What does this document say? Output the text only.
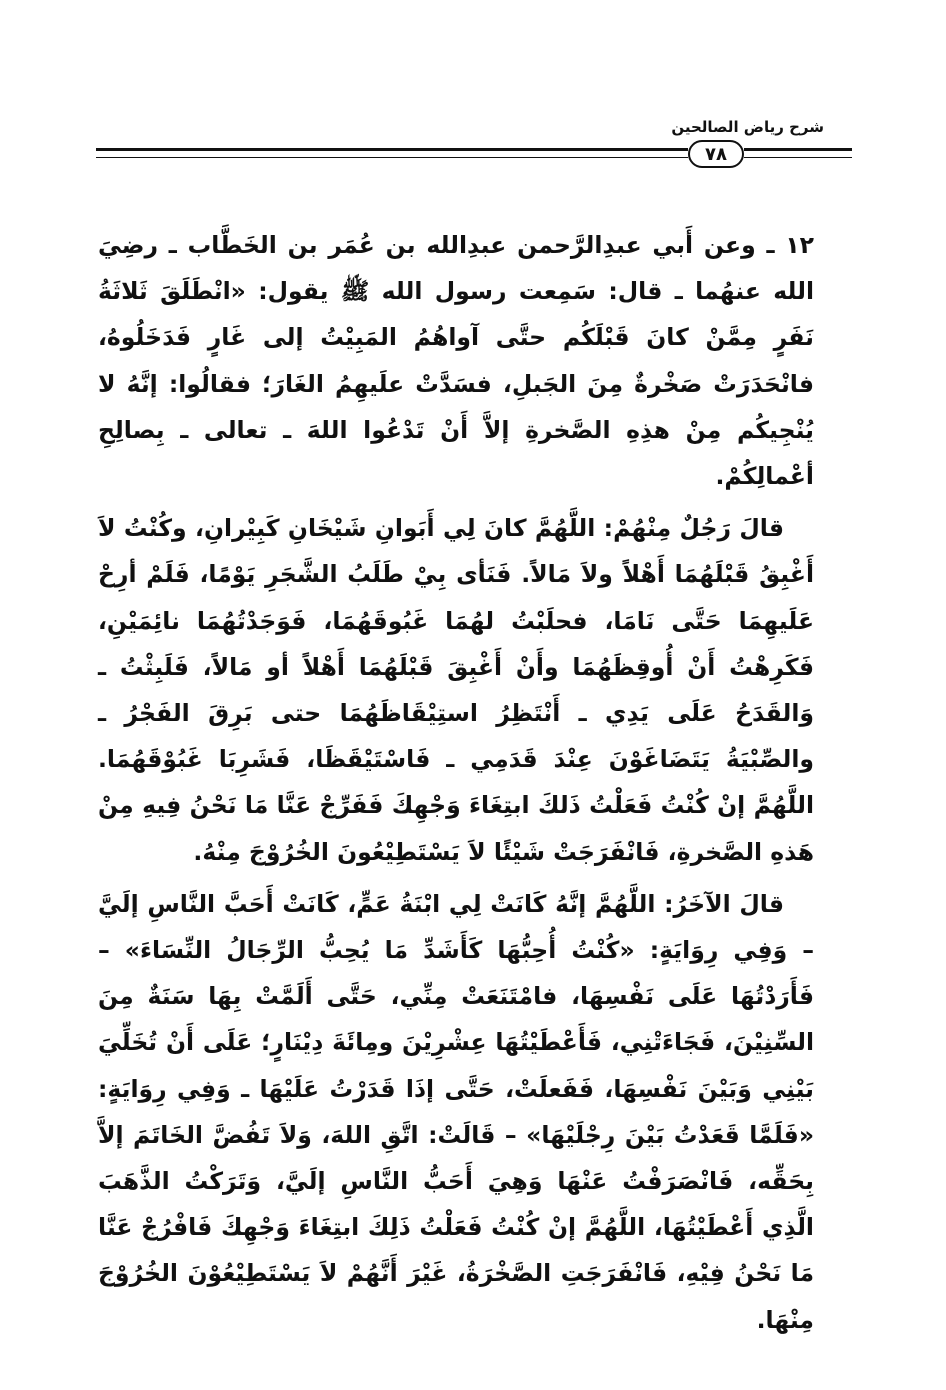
شرح رياض الصالحين
٧٨

١٢ ـ وعن أَبي عبدِالرَّحمن عبدِالله بن عُمَر بن الخَطَّاب ـ رضِيَ الله عنهُما ـ قال: سَمِعت رسول الله ﷺ يقول: «انْطَلَقَ ثَلاثَةُ نَفَرٍ مِمَّنْ كانَ قَبْلَكُم حتَّى آواهُمُ المَبِيْتُ إلى غَارٍ فَدَخَلُوهُ، فانْحَدَرَتْ صَخْرةٌ مِنَ الجَبلِ، فسَدَّتْ علَيهِمُ الغَارَ؛ فقالُوا: إنَّهُ لا يُنْجِيكُم مِنْ هذِهِ الصَّخرةِ إلاَّ أَنْ تَدْعُوا اللهَ ـ تعالى ـ بِصالِحِ أعْمالِكُمْ.

قالَ رَجُلٌ مِنْهُمْ: اللَّهُمَّ كانَ لِي أَبَوانِ شَيْخَانِ كَبِيْرانِ، وكُنْتُ لاَ أَغْبِقُ قَبْلَهُمَا أَهْلاً ولاَ مَالاً. فَنَأى بِيْ طَلَبُ الشَّجَرِ يَوْمًا، فَلَمْ أرِحْ عَلَيهِمَا حَتَّى نَامَا، فحلَبْتُ لهُمَا غَبُوقَهُمَا، فَوَجَدْتُهُمَا نائِمَيْنِ، فَكَرِهْتُ أَنْ أُوقِظَهُمَا وأَنْ أَغْبِقَ قَبْلَهُمَا أَهْلاً أو مَالاً، فَلَبِثْتُ ـ وَالقَدَحُ عَلَى يَدِي ـ أَنْتَظِرُ استِيْقَاظَهُمَا حتى بَرِقَ الفَجْرُ ـ والصِّبْيَةُ يَتَضَاغَوْنَ عِنْدَ قَدَمِي ـ فَاسْتَيْقَظَا، فَشَرِبَا غَبُوْقَهُمَا. اللَّهُمَّ إنْ كُنْتُ فَعَلْتُ ذَلكَ ابتِغَاءَ وَجْهِكَ فَفَرِّجْ عَنَّا مَا نَحْنُ فِيهِ مِنْ هَذهِ الصَّخرةِ، فَانْفَرَجَتْ شَيْئًا لاَ يَسْتَطِيْعُونَ الخُرُوْجَ مِنْهُ.

قالَ الآخَرُ: اللَّهُمَّ إنَّهُ كَانَتْ لِي ابْنَةُ عَمٍّ، كَانَتْ أَحَبَّ النَّاسِ إلَيَّ – وَفِي رِوَايَةٍ: «كُنْتُ أُحِبُّهَا كَأَشَدِّ مَا يُحِبُّ الرِّجَالُ النِّسَاءَ» – فَأَرَدْتُهَا عَلَى نَفْسِهَا، فامْتَنَعَتْ مِنِّي، حَتَّى أَلَمَّتْ بِهَا سَنَةٌ مِنَ السِّنِيْنَ، فَجَاءَتْنِي، فَأَعْطَيْتُهَا عِشْرِيْنَ ومِائَةَ دِيْنَارٍ؛ عَلَى أَنْ تُخَلِّيَ بَيْنِي وَبَيْنَ نَفْسِهَا، فَفَعلَتْ، حَتَّى إذَا قَدَرْتُ عَلَيْهَا ـ وَفِي رِوَايَةٍ: «فَلَمَّا قَعَدْتُ بَيْنَ رِجْلَيْهَا» – قَالَتْ: اتَّقِ اللهَ، وَلاَ تَفُضَّ الخَاتَمَ إلاَّ بِحَقِّه، فَانْصَرَفْتُ عَنْهَا وَهِيَ أَحَبُّ النَّاسِ إلَيَّ، وَتَرَكْتُ الذَّهَبَ الَّذِي أَعْطَيْتُهَا، اللَّهُمَّ إنْ كُنْتُ فَعَلْتُ ذَلِكَ ابتِغَاءَ وَجْهِكَ فَافْرُجْ عَنَّا مَا نَحْنُ فِيْهِ، فَانْفَرَجَتِ الصَّخْرَةُ، غَيْرَ أَنَّهُمْ لاَ يَسْتَطِيْعُوْنَ الخُرُوْجَ مِنْهَا.
